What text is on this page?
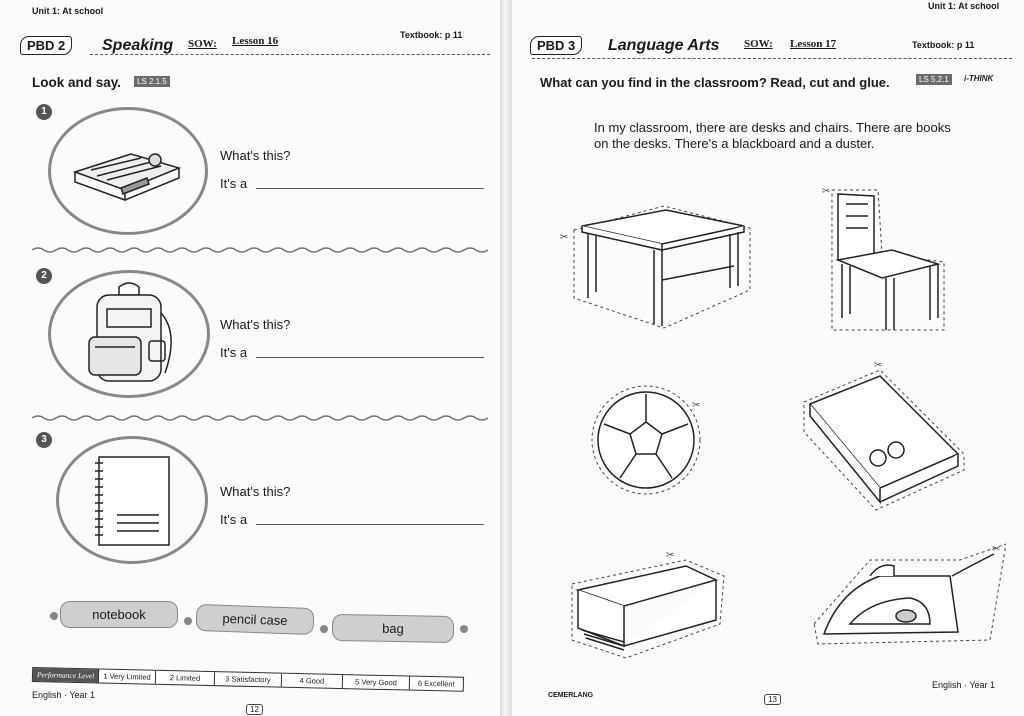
Unit 1: At school
PBD 2	Speaking SOW: Lesson 16	Textbook: p 11
Look and say.	LS 2.1.5
1
What's this?
It's a
2
What's this?
It's a
3
What's this?
It's a
notebook	pencil case
bag
Performance Level	1 Very Limited	2 Limited	3 Satisfactory	4 Good	5 Very Good	6 Excellent
English · Year 1
12
Unit 1: At school
PBD 3	Language Arts SOW: Lesson 17	Textbook: p 11
What can you find in the classroom? Read, cut and glue.	LS 5.2.1	i-THINK
In my classroom, there are desks and chairs. There are books on the desks. There's a blackboard and a duster.
✂
✂
✂
✂
✂
✂
CEMERLANG	13
English · Year 1
